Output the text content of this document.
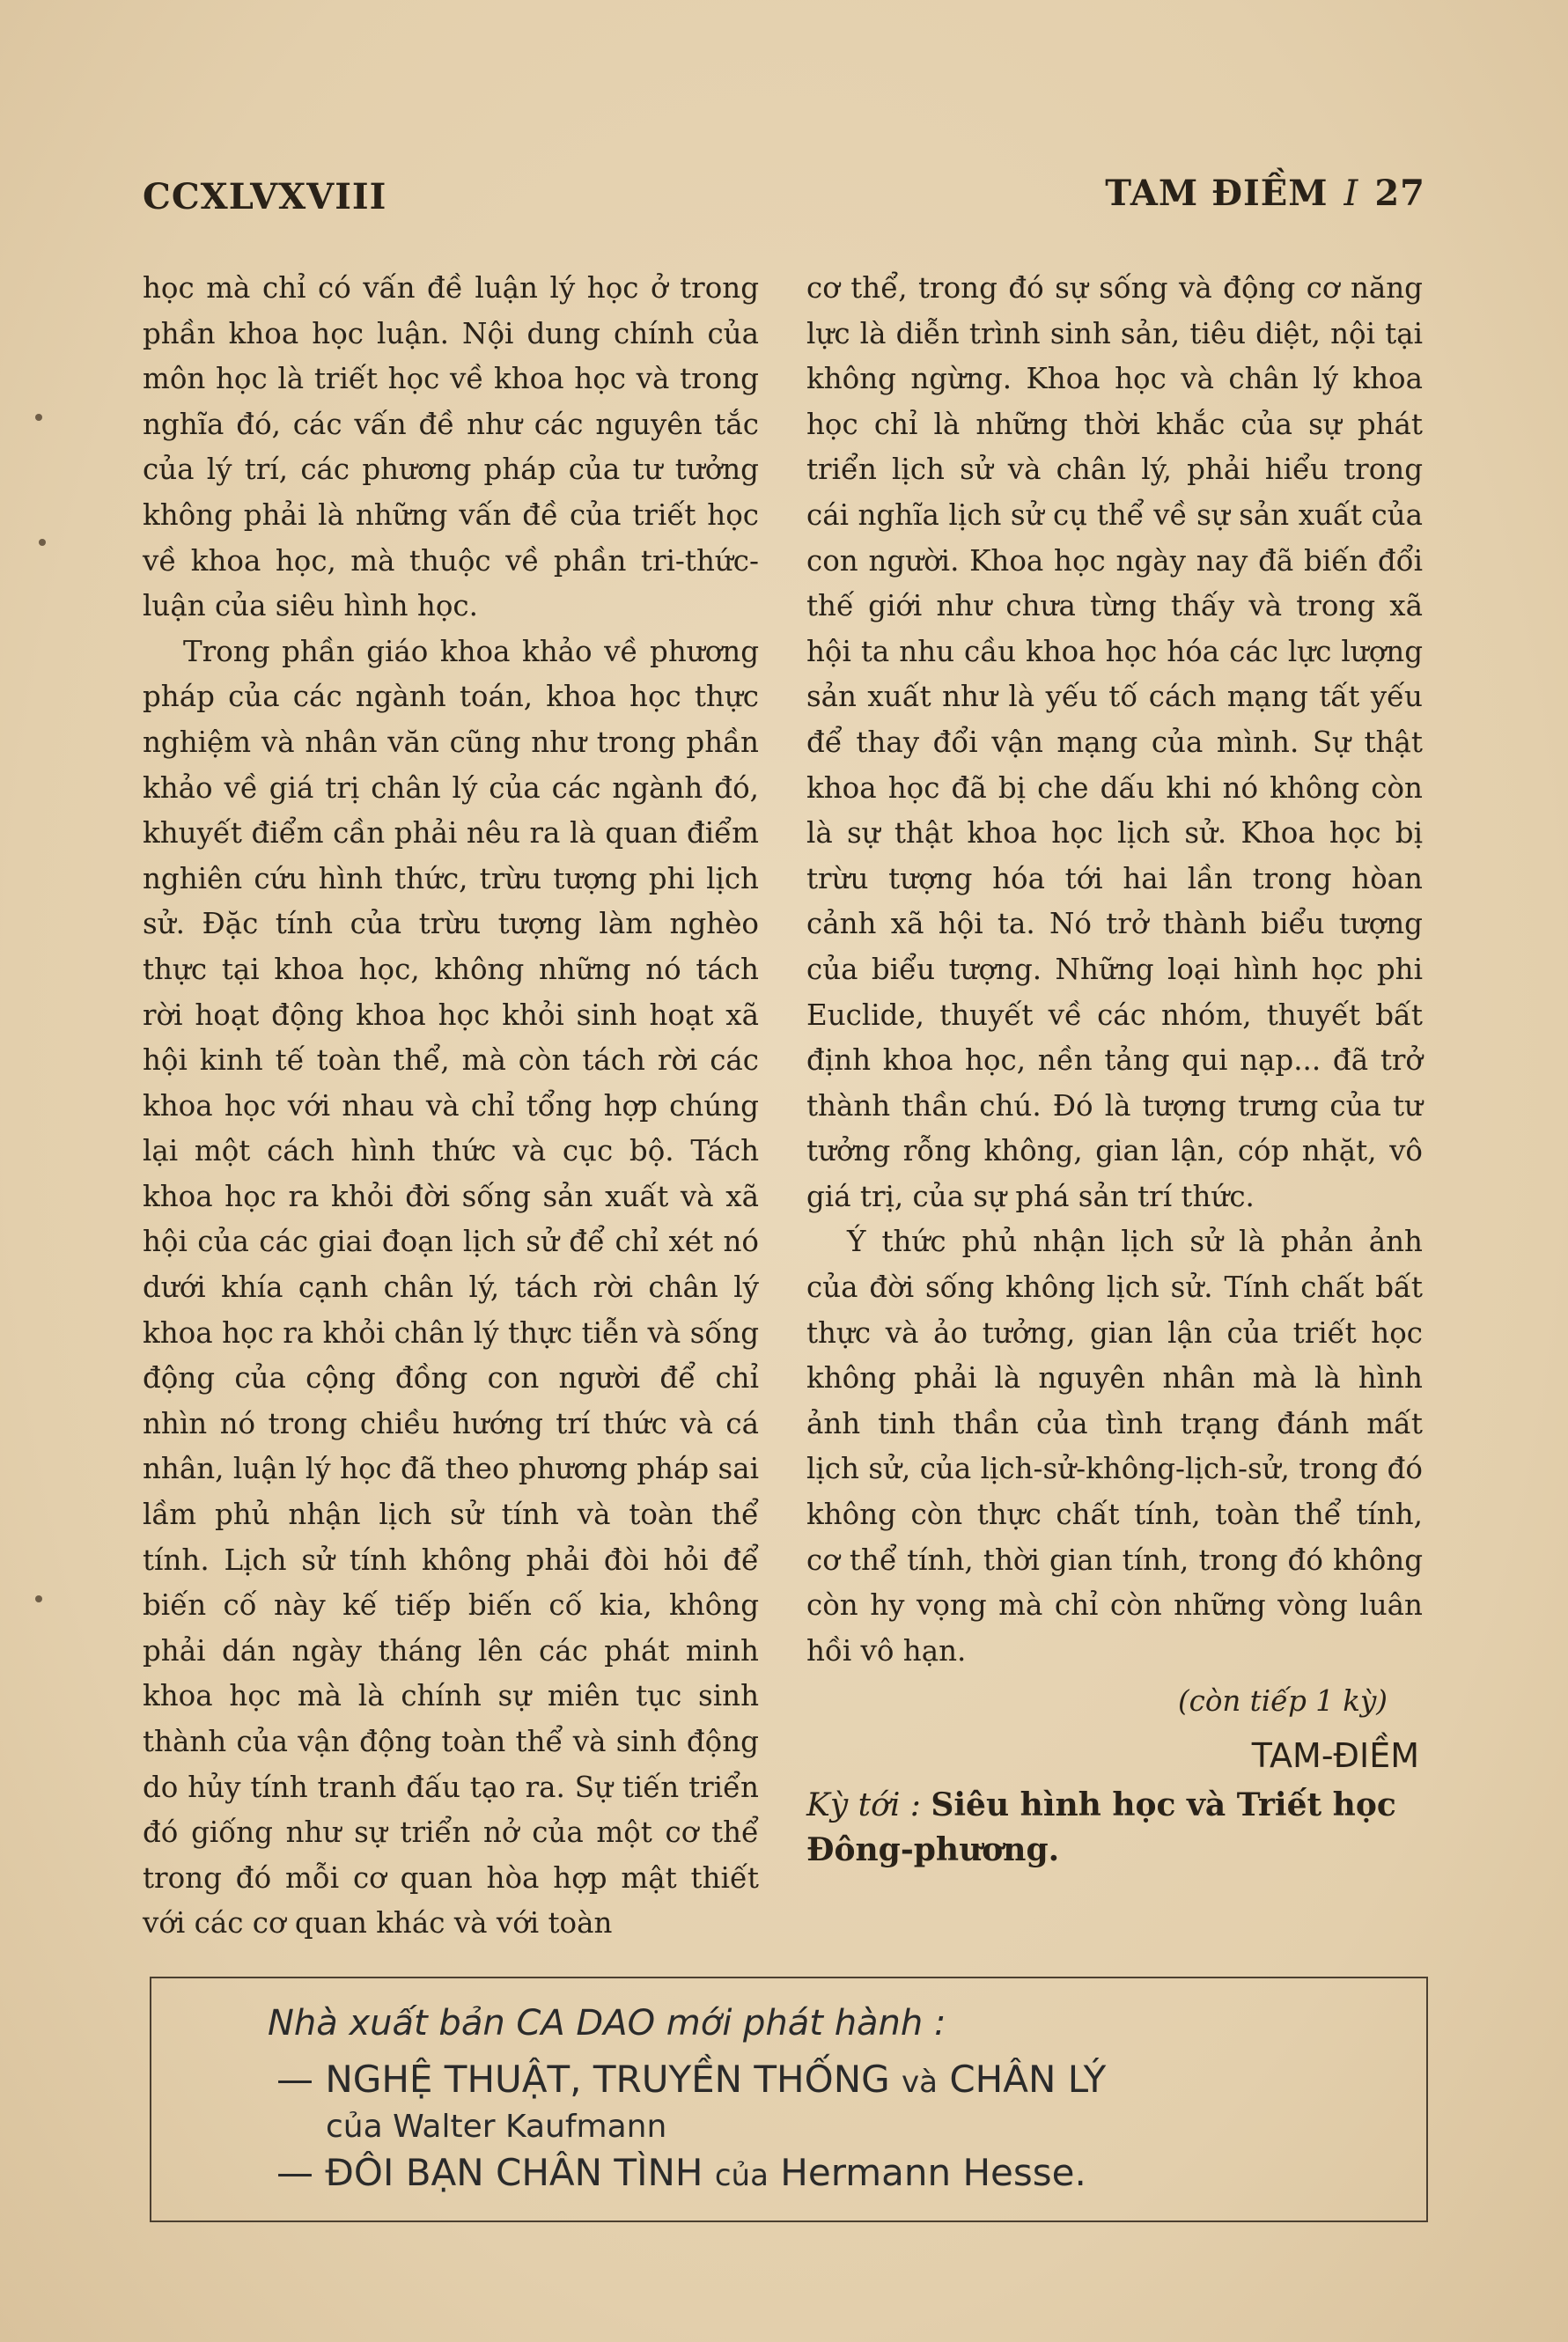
CCXLVXVIII	TAM ĐIỀM I 27

học mà chỉ có vấn đề luận lý học ở trong phần khoa học luận. Nội dung chính của môn học là triết học về khoa học và trong nghĩa đó, các vấn đề như các nguyên tắc của lý trí, các phương pháp của tư tưởng không phải là những vấn đề của triết học về khoa học, mà thuộc về phần tri-thức-luận của siêu hình học.

Trong phần giáo khoa khảo về phương pháp của các ngành toán, khoa học thực nghiệm và nhân văn cũng như trong phần khảo về giá trị chân lý của các ngành đó, khuyết điểm cần phải nêu ra là quan điểm nghiên cứu hình thức, trừu tượng phi lịch sử. Đặc tính của trừu tượng làm nghèo thực tại khoa học, không những nó tách rời hoạt động khoa học khỏi sinh hoạt xã hội kinh tế toàn thể, mà còn tách rời các khoa học với nhau và chỉ tổng hợp chúng lại một cách hình thức và cục bộ. Tách khoa học ra khỏi đời sống sản xuất và xã hội của các giai đoạn lịch sử để chỉ xét nó dưới khía cạnh chân lý, tách rời chân lý khoa học ra khỏi chân lý thực tiễn và sống động của cộng đồng con người để chỉ nhìn nó trong chiều hướng trí thức và cá nhân, luận lý học đã theo phương pháp sai lầm phủ nhận lịch sử tính và toàn thể tính. Lịch sử tính không phải đòi hỏi để biến cố này kế tiếp biến cố kia, không phải dán ngày tháng lên các phát minh khoa học mà là chính sự miên tục sinh thành của vận động toàn thể và sinh động do hủy tính tranh đấu tạo ra. Sự tiến triển đó giống như sự triển nở của một cơ thể trong đó mỗi cơ quan hòa hợp mật thiết với các cơ quan khác và với toàn

cơ thể, trong đó sự sống và động cơ năng lực là diễn trình sinh sản, tiêu diệt, nội tại không ngừng. Khoa học và chân lý khoa học chỉ là những thời khắc của sự phát triển lịch sử và chân lý, phải hiểu trong cái nghĩa lịch sử cụ thể về sự sản xuất của con người. Khoa học ngày nay đã biến đổi thế giới như chưa từng thấy và trong xã hội ta nhu cầu khoa học hóa các lực lượng sản xuất như là yếu tố cách mạng tất yếu để thay đổi vận mạng của mình. Sự thật khoa học đã bị che dấu khi nó không còn là sự thật khoa học lịch sử. Khoa học bị trừu tượng hóa tới hai lần trong hòan cảnh xã hội ta. Nó trở thành biểu tượng của biểu tượng. Những loại hình học phi Euclide, thuyết về các nhóm, thuyết bất định khoa học, nền tảng qui nạp... đã trở thành thần chú. Đó là tượng trưng của tư tưởng rỗng không, gian lận, cóp nhặt, vô giá trị, của sự phá sản trí thức.

Ý thức phủ nhận lịch sử là phản ảnh của đời sống không lịch sử. Tính chất bất thực và ảo tưởng, gian lận của triết học không phải là nguyên nhân mà là hình ảnh tinh thần của tình trạng đánh mất lịch sử, của lịch-sử-không-lịch-sử, trong đó không còn thực chất tính, toàn thể tính, cơ thể tính, thời gian tính, trong đó không còn hy vọng mà chỉ còn những vòng luân hồi vô hạn.

(còn tiếp 1 kỳ)

TAM-ĐIỀM

Kỳ tới : Siêu hình học và Triết học Đông-phương.

Nhà xuất bản CA DAO mới phát hành :
— NGHỆ THUẬT, TRUYỀN THỐNG và CHÂN LÝ
của Walter Kaufmann
— ĐÔI BẠN CHÂN TÌNH của Hermann Hesse.
